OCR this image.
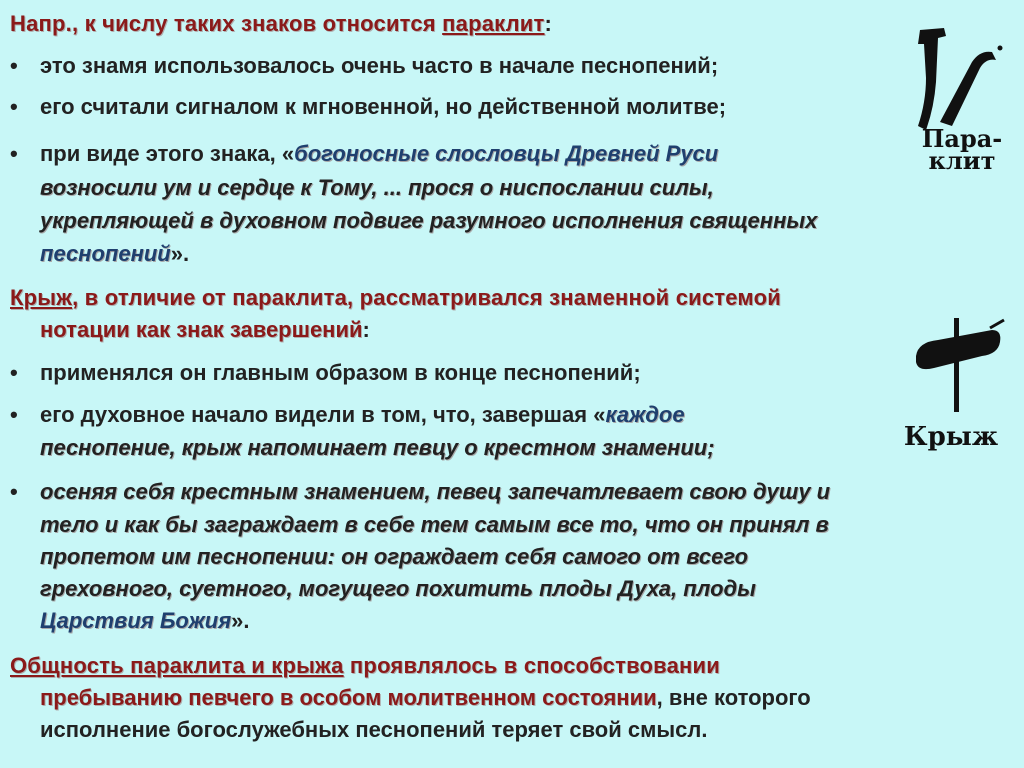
Напр., к числу таких знаков относится параклит:
•	это знамя использовалось очень часто в начале песнопений;
•	его считали сигналом к мгновенной, но действенной молитве;
•	при виде этого знака, «богоносные слословцы Древней Руси
возносили ум и сердце к Тому, ... прося о ниспослании силы,
укрепляющей в духовном подвиге разумного исполнения священных
песнопений».
Крыж, в отличие от параклита, рассматривался знаменной системой
нотации как знак завершений:
•	применялся он главным образом в конце песнопений;
•	его духовное начало видели в том, что, завершая «каждое
песнопение, крыж напоминает певцу о крестном знамении;
•	осеняя себя крестным знамением, певец запечатлевает свою душу и
тело и как бы заграждает в себе тем самым все то, что он принял в
пропетом им песнопении: он ограждает себя самого от всего
греховного, суетного, могущего похитить плоды Духа, плоды
Царствия Божия».
Общность параклита и крыжа проявлялось в способствовании
пребыванию певчего в особом молитвенном состоянии, вне которого
исполнение богослужебных песнопений теряет свой смысл.
Пара-
клит
Крыж
